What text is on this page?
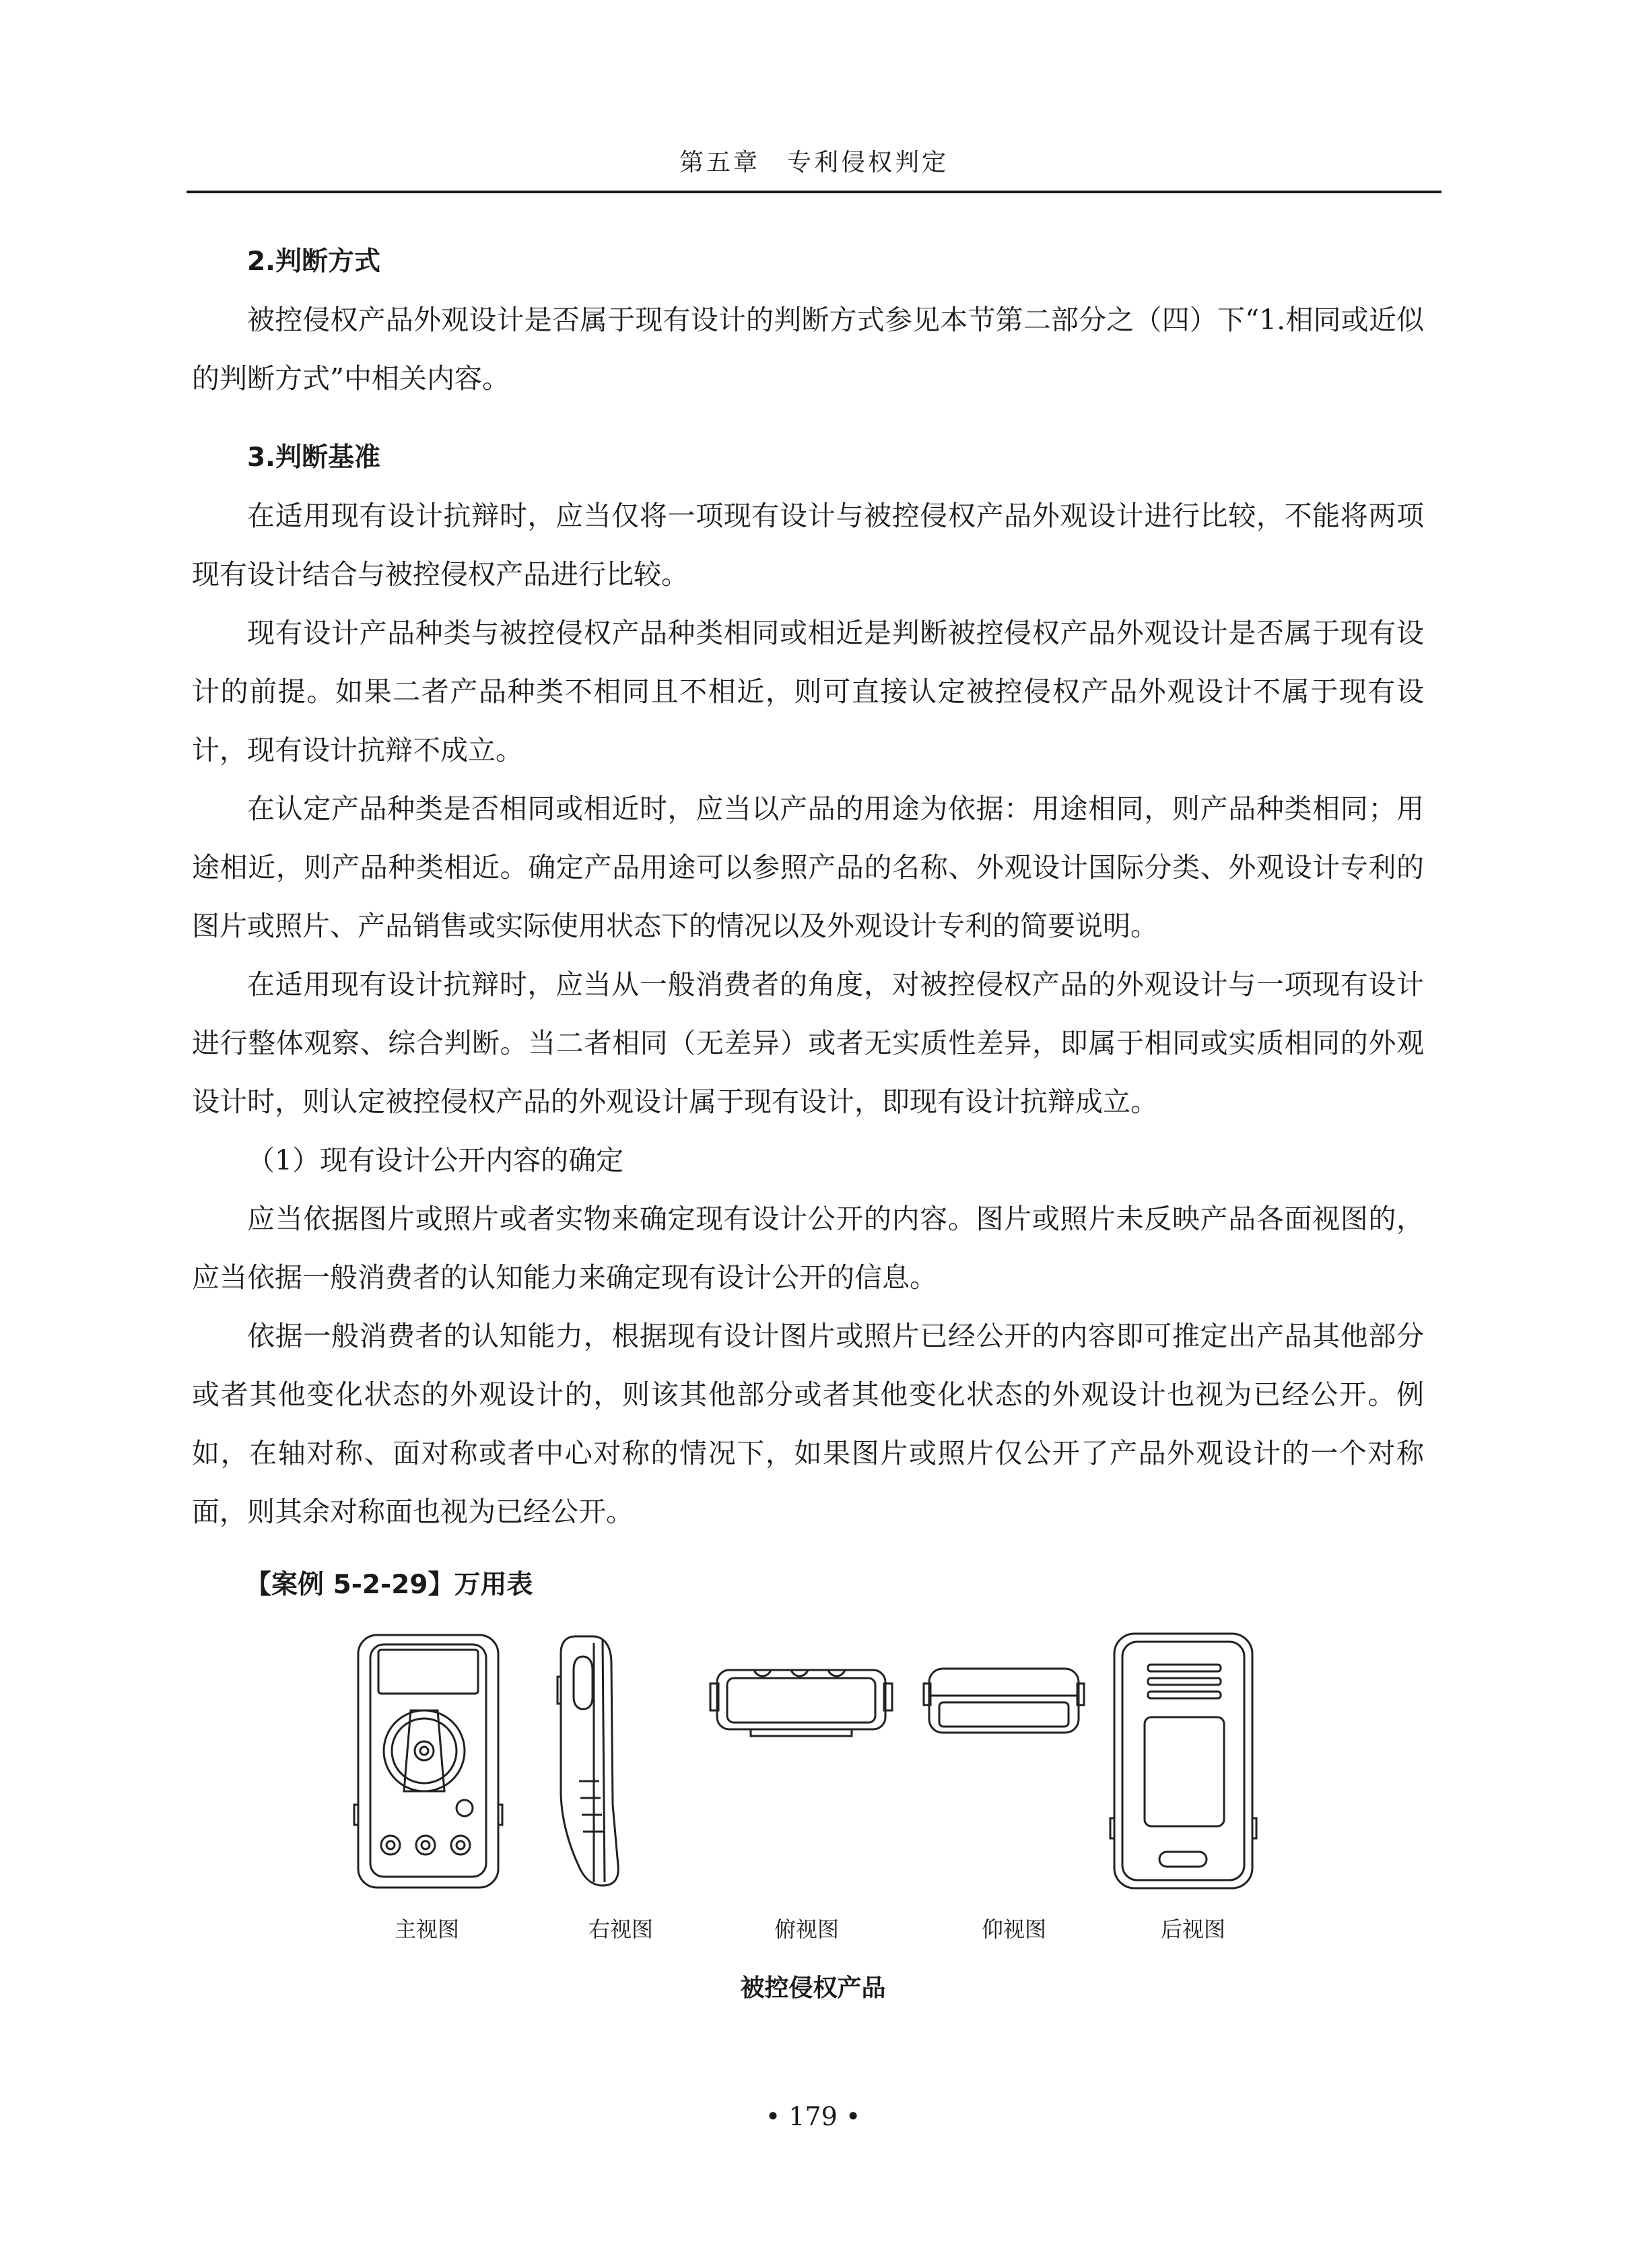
第五章　专利侵权判定
2.判断方式

被控侵权产品外观设计是否属于现有设计的判断方式参见本节第二部分之（四）下“1.相同或近似的判断方式”中相关内容。

3.判断基准

在适用现有设计抗辩时，应当仅将一项现有设计与被控侵权产品外观设计进行比较，不能将两项现有设计结合与被控侵权产品进行比较。

现有设计产品种类与被控侵权产品种类相同或相近是判断被控侵权产品外观设计是否属于现有设计的前提。如果二者产品种类不相同且不相近，则可直接认定被控侵权产品外观设计不属于现有设计，现有设计抗辩不成立。

在认定产品种类是否相同或相近时，应当以产品的用途为依据：用途相同，则产品种类相同；用途相近，则产品种类相近。确定产品用途可以参照产品的名称、外观设计国际分类、外观设计专利的图片或照片、产品销售或实际使用状态下的情况以及外观设计专利的简要说明。

在适用现有设计抗辩时，应当从一般消费者的角度，对被控侵权产品的外观设计与一项现有设计进行整体观察、综合判断。当二者相同（无差异）或者无实质性差异，即属于相同或实质相同的外观设计时，则认定被控侵权产品的外观设计属于现有设计，即现有设计抗辩成立。

（1）现有设计公开内容的确定

应当依据图片或照片或者实物来确定现有设计公开的内容。图片或照片未反映产品各面视图的，应当依据一般消费者的认知能力来确定现有设计公开的信息。

依据一般消费者的认知能力，根据现有设计图片或照片已经公开的内容即可推定出产品其他部分或者其他变化状态的外观设计的，则该其他部分或者其他变化状态的外观设计也视为已经公开。例如，在轴对称、面对称或者中心对称的情况下，如果图片或照片仅公开了产品外观设计的一个对称面，则其余对称面也视为已经公开。

【案例 5-2-29】万用表
主视图	右视图	俯视图	仰视图	后视图
被控侵权产品
• 179 •
